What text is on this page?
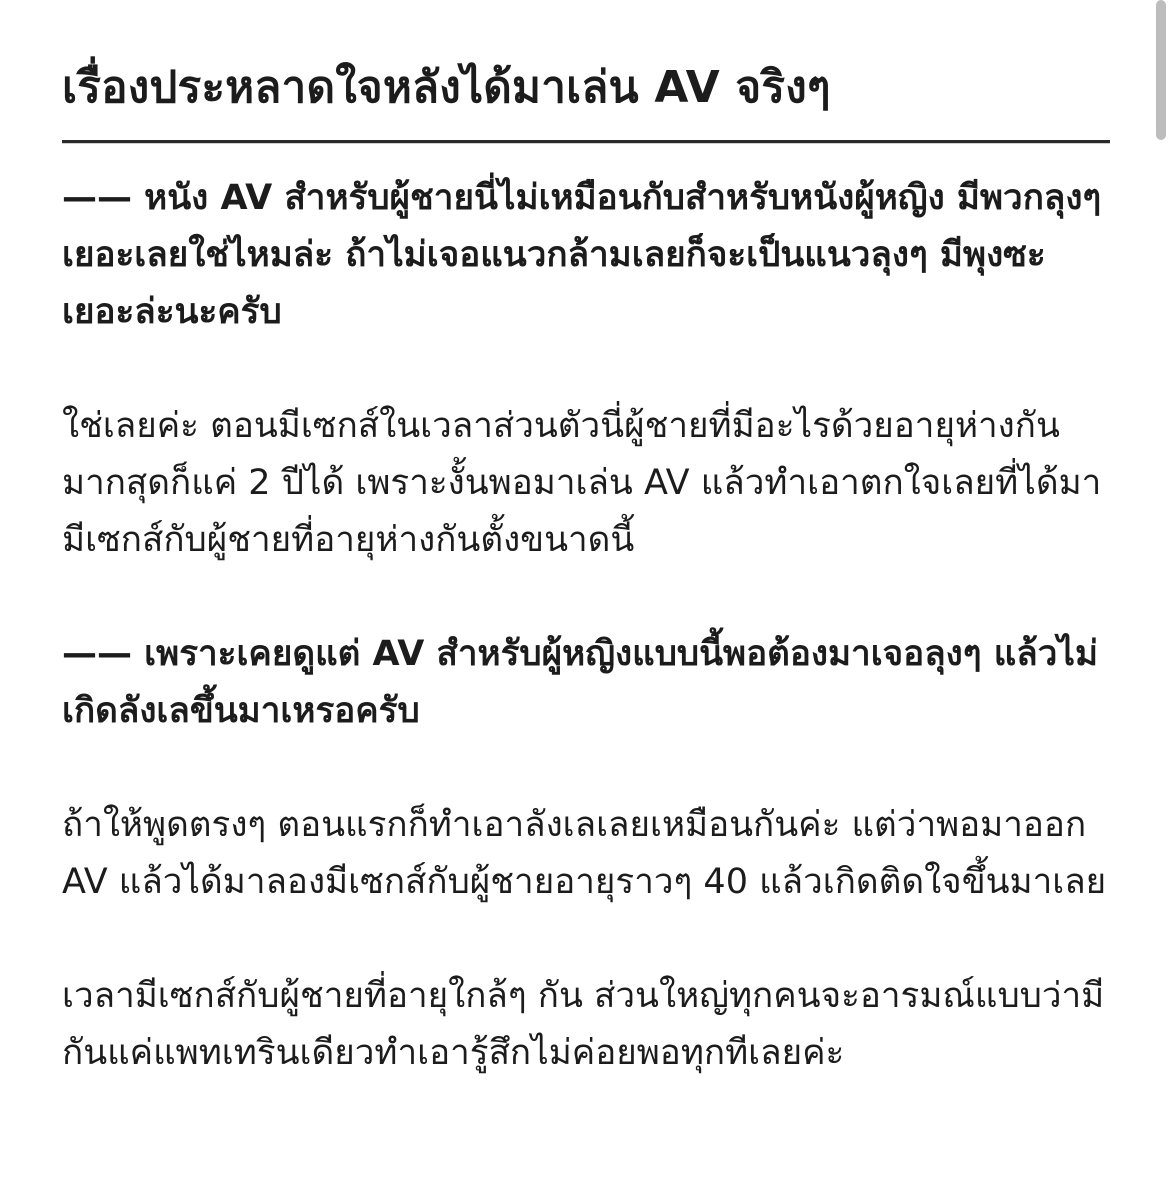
เรื่องประหลาดใจหลังได้มาเล่น AV จริงๆ

—— หนัง AV สำหรับผู้ชายนี่ไม่เหมือนกับสำหรับหนังผู้หญิง มีพวกลุงๆ เยอะเลยใช่ไหมล่ะ ถ้าไม่เจอแนวกล้ามเลยก็จะเป็นแนวลุงๆ มีพุงซะเยอะล่ะนะครับ

ใช่เลยค่ะ ตอนมีเซกส์ในเวลาส่วนตัวนี่ผู้ชายที่มีอะไรด้วยอายุห่างกันมากสุดก็แค่ 2 ปีได้ เพราะงั้นพอมาเล่น AV แล้วทำเอาตกใจเลยที่ได้มามีเซกส์กับผู้ชายที่อายุห่างกันตั้งขนาดนี้

—— เพราะเคยดูแต่ AV สำหรับผู้หญิงแบบนี้พอต้องมาเจอลุงๆ แล้วไม่เกิดลังเลขึ้นมาเหรอครับ

ถ้าให้พูดตรงๆ ตอนแรกก็ทำเอาลังเลเลยเหมือนกันค่ะ แต่ว่าพอมาออก AV แล้วได้มาลองมีเซกส์กับผู้ชายอายุราวๆ 40 แล้วเกิดติดใจขึ้นมาเลย

เวลามีเซกส์กับผู้ชายที่อายุใกล้ๆ กัน ส่วนใหญ่ทุกคนจะอารมณ์แบบว่ามีกันแค่แพทเทรินเดียวทำเอารู้สึกไม่ค่อยพอทุกทีเลยค่ะ
